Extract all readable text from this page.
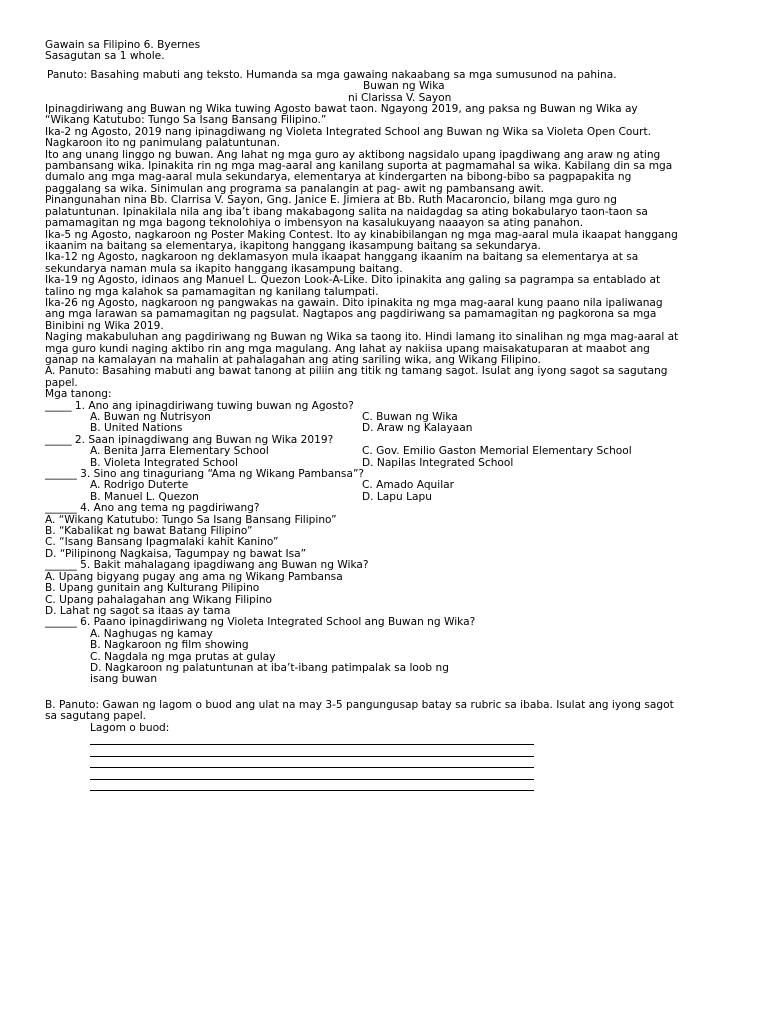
Gawain sa Filipino 6. Byernes
Sasagutan sa 1 whole.
Panuto: Basahing mabuti ang teksto. Humanda sa mga gawaing nakaabang sa mga sumusunod na pahina.
Buwan ng Wika
ni Clarissa V. Sayon
Ipinagdiriwang ang Buwan ng Wika tuwing Agosto bawat taon. Ngayong 2019, ang paksa ng Buwan ng Wika ay
“Wikang Katutubo: Tungo Sa Isang Bansang Filipino.”
Ika-2 ng Agosto, 2019 nang ipinagdiwang ng Violeta Integrated School ang Buwan ng Wika sa Violeta Open Court.
Nagkaroon ito ng panimulang palatuntunan.
Ito ang unang linggo ng buwan. Ang lahat ng mga guro ay aktibong nagsidalo upang ipagdiwang ang araw ng ating
pambansang wika. Ipinakita rin ng mga mag-aaral ang kanilang suporta at pagmamahal sa wika. Kabilang din sa mga
dumalo ang mga mag-aaral mula sekundarya, elementarya at kindergarten na bibong-bibo sa pagpapakita ng
paggalang sa wika. Sinimulan ang programa sa panalangin at pag- awit ng pambansang awit.
Pinangunahan nina Bb. Clarrisa V. Sayon, Gng. Janice E. Jimiera at Bb. Ruth Macaroncio, bilang mga guro ng
palatuntunan. Ipinakilala nila ang iba’t ibang makabagong salita na naidagdag sa ating bokabularyo taon-taon sa
pamamagitan ng mga bagong teknolohiya o imbensyon na kasalukuyang naaayon sa ating panahon.
Ika-5 ng Agosto, nagkaroon ng Poster Making Contest. Ito ay kinabibilangan ng mga mag-aaral mula ikaapat hanggang
ikaanim na baitang sa elementarya, ikapitong hanggang ikasampung baitang sa sekundarya.
Ika-12 ng Agosto, nagkaroon ng deklamasyon mula ikaapat hanggang ikaanim na baitang sa elementarya at sa
sekundarya naman mula sa ikapito hanggang ikasampung baitang.
Ika-19 ng Agosto, idinaos ang Manuel L. Quezon Look-A-Like. Dito ipinakita ang galing sa pagrampa sa entablado at
talino ng mga kalahok sa pamamagitan ng kanilang talumpati.
Ika-26 ng Agosto, nagkaroon ng pangwakas na gawain. Dito ipinakita ng mga mag-aaral kung paano nila ipaliwanag
ang mga larawan sa pamamagitan ng pagsulat. Nagtapos ang pagdiriwang sa pamamagitan ng pagkorona sa mga
Binibini ng Wika 2019.
Naging makabuluhan ang pagdiriwang ng Buwan ng Wika sa taong ito. Hindi lamang ito sinalihan ng mga mag-aaral at
mga guro kundi naging aktibo rin ang mga magulang. Ang lahat ay nakiisa upang maisakatuparan at maabot ang
ganap na kamalayan na mahalin at pahalagahan ang ating sariling wika, ang Wikang Filipino.
A. Panuto: Basahing mabuti ang bawat tanong at piliin ang titik ng tamang sagot. Isulat ang iyong sagot sa sagutang
papel.
Mga tanong:
_____ 1. Ano ang ipinagdiriwang tuwing buwan ng Agosto?
A. Buwan ng Nutrisyon	C. Buwan ng Wika
B. United Nations	D. Araw ng Kalayaan
_____ 2. Saan ipinagdiwang ang Buwan ng Wika 2019?
A. Benita Jarra Elementary School	C. Gov. Emilio Gaston Memorial Elementary School
B. Violeta Integrated School	D. Napilas Integrated School
______ 3. Sino ang tinaguriang “Ama ng Wikang Pambansa”?
A. Rodrigo Duterte	C. Amado Aquilar
B. Manuel L. Quezon	D. Lapu Lapu
______ 4. Ano ang tema ng pagdiriwang?
A. “Wikang Katutubo: Tungo Sa Isang Bansang Filipino”
B. “Kabalikat ng bawat Batang Filipino”
C. “Isang Bansang Ipagmalaki kahit Kanino”
D. “Pilipinong Nagkaisa, Tagumpay ng bawat Isa”
______ 5. Bakit mahalagang ipagdiwang ang Buwan ng Wika?
A. Upang bigyang pugay ang ama ng Wikang Pambansa
B. Upang gunitain ang Kulturang Pilipino
C. Upang pahalagahan ang Wikang Filipino
D. Lahat ng sagot sa itaas ay tama
______ 6. Paano ipinagdiriwang ng Violeta Integrated School ang Buwan ng Wika?
A. Naghugas ng kamay
B. Nagkaroon ng film showing
C. Nagdala ng mga prutas at gulay
D. Nagkaroon ng palatuntunan at iba’t-ibang patimpalak sa loob ng
isang buwan
B. Panuto: Gawan ng lagom o buod ang ulat na may 3-5 pangungusap batay sa rubric sa ibaba. Isulat ang iyong sagot
sa sagutang papel.
Lagom o buod:
